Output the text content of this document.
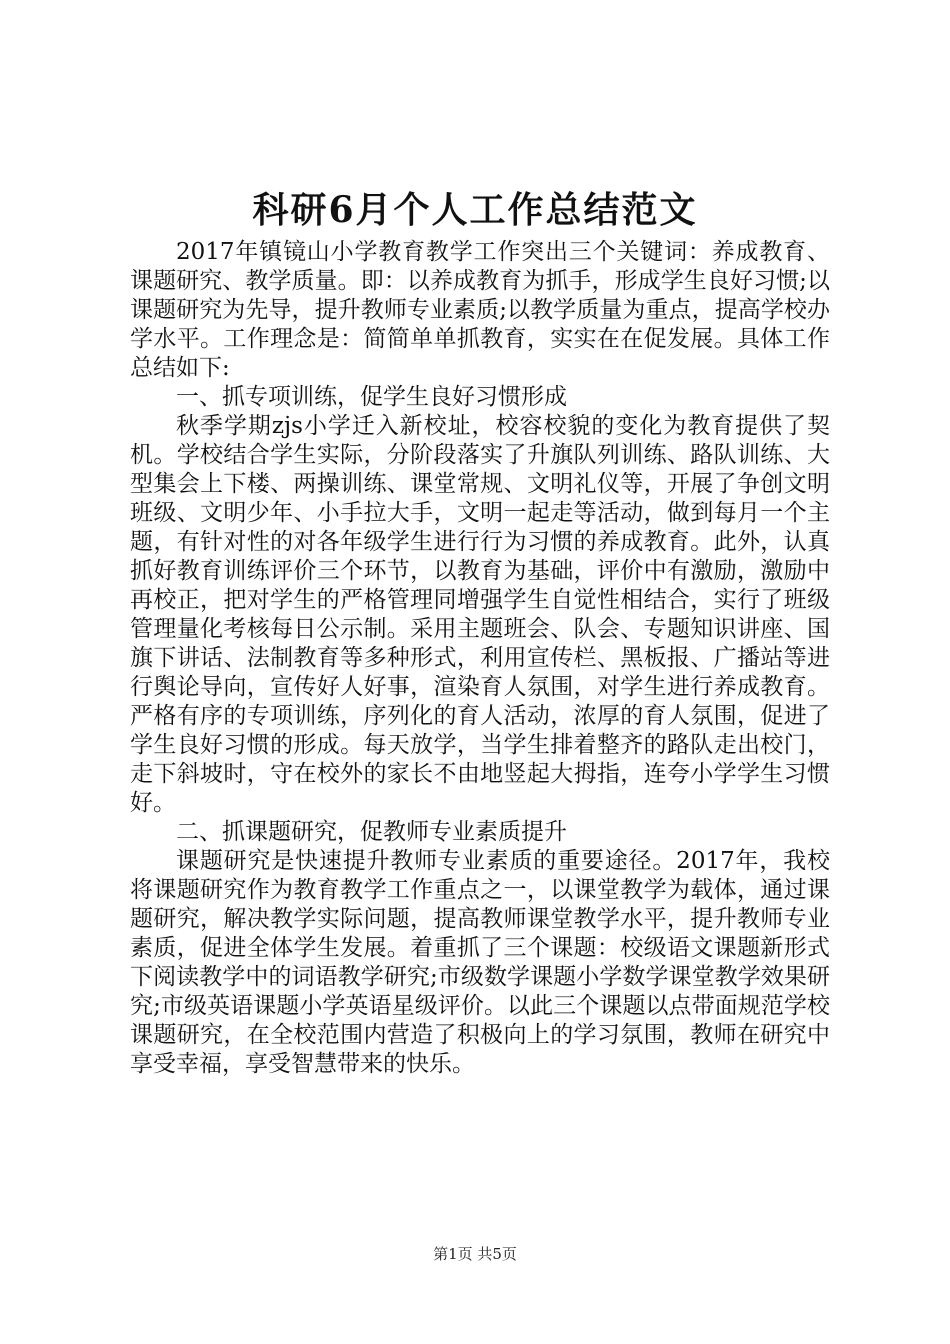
科研6月个人工作总结范文

2017年镇镜山小学教育教学工作突出三个关键词：养成教育、课题研究、教学质量。即：以养成教育为抓手，形成学生良好习惯;以课题研究为先导，提升教师专业素质;以教学质量为重点，提高学校办学水平。工作理念是：简简单单抓教育，实实在在促发展。具体工作总结如下:

一、抓专项训练，促学生良好习惯形成

秋季学期zjs小学迁入新校址，校容校貌的变化为教育提供了契机。学校结合学生实际，分阶段落实了升旗队列训练、路队训练、大型集会上下楼、两操训练、课堂常规、文明礼仪等，开展了争创文明班级、文明少年、小手拉大手，文明一起走等活动，做到每月一个主题，有针对性的对各年级学生进行行为习惯的养成教育。此外，认真抓好教育训练评价三个环节，以教育为基础，评价中有激励，激励中再校正，把对学生的严格管理同增强学生自觉性相结合，实行了班级管理量化考核每日公示制。采用主题班会、队会、专题知识讲座、国旗下讲话、法制教育等多种形式，利用宣传栏、黑板报、广播站等进行舆论导向，宣传好人好事，渲染育人氛围，对学生进行养成教育。严格有序的专项训练，序列化的育人活动，浓厚的育人氛围，促进了学生良好习惯的形成。每天放学，当学生排着整齐的路队走出校门，走下斜坡时，守在校外的家长不由地竖起大拇指，连夸小学学生习惯好。

二、抓课题研究，促教师专业素质提升

课题研究是快速提升教师专业素质的重要途径。2017年，我校将课题研究作为教育教学工作重点之一，以课堂教学为载体，通过课题研究，解决教学实际问题，提高教师课堂教学水平，提升教师专业素质，促进全体学生发展。着重抓了三个课题：校级语文课题新形式下阅读教学中的词语教学研究;市级数学课题小学数学课堂教学效果研究;市级英语课题小学英语星级评价。以此三个课题以点带面规范学校课题研究，在全校范围内营造了积极向上的学习氛围，教师在研究中享受幸福，享受智慧带来的快乐。

第1页 共5页
